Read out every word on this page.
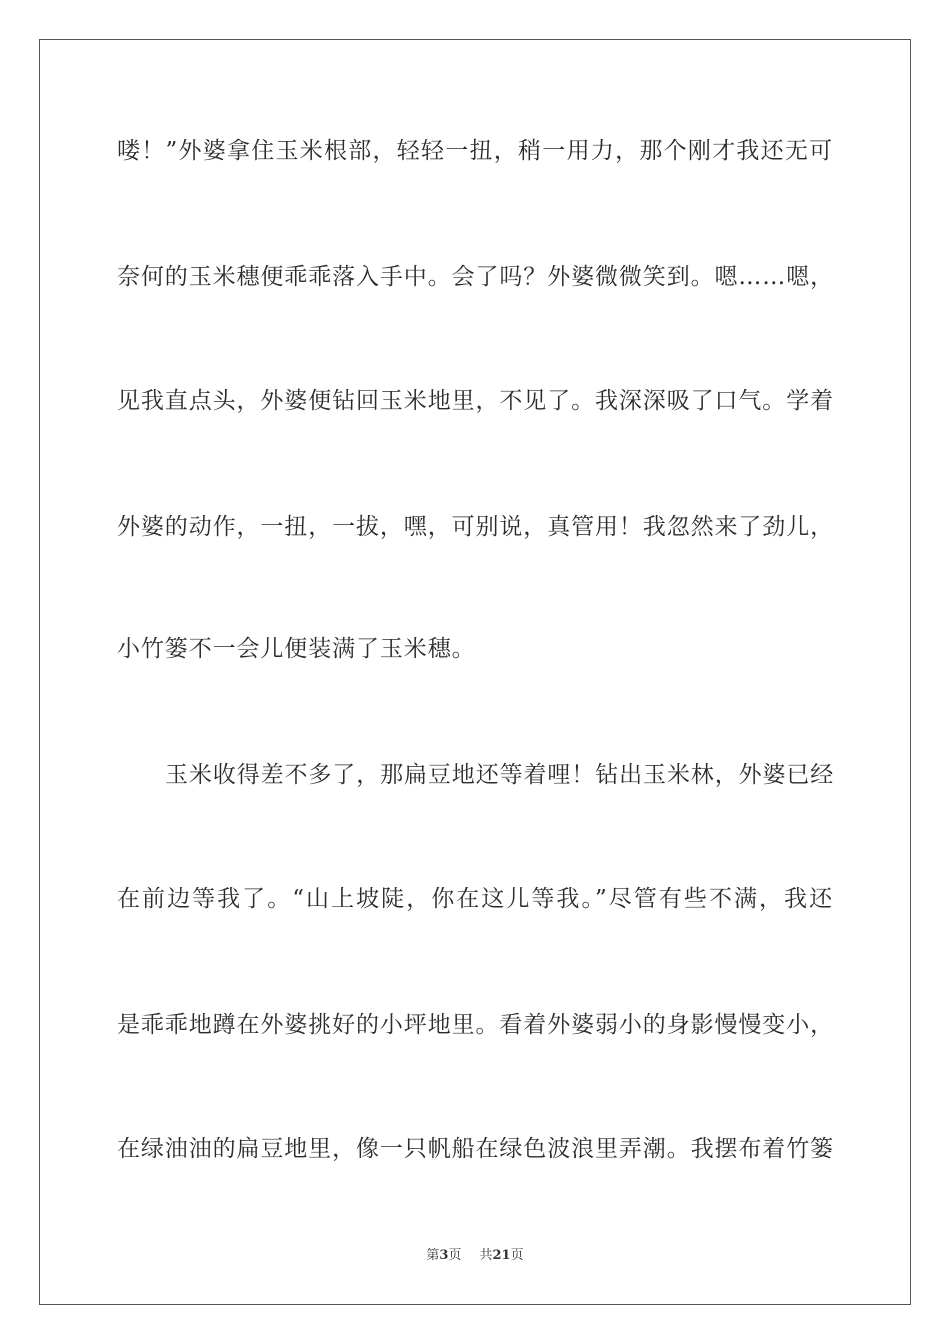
喽！”外婆拿住玉米根部，轻轻一扭，稍一用力，那个刚才我还无可
奈何的玉米穗便乖乖落入手中。会了吗？外婆微微笑到。嗯……嗯，
见我直点头，外婆便钻回玉米地里，不见了。我深深吸了口气。学着
外婆的动作，一扭，一拔，嘿，可别说，真管用！我忽然来了劲儿，
小竹篓不一会儿便装满了玉米穗。
玉米收得差不多了，那扁豆地还等着哩！钻出玉米林，外婆已经
在前边等我了。“山上坡陡，你在这儿等我。”尽管有些不满，我还
是乖乖地蹲在外婆挑好的小坪地里。看着外婆弱小的身影慢慢变小，
在绿油油的扁豆地里，像一只帆船在绿色波浪里弄潮。我摆布着竹篓
第3页 共21页
